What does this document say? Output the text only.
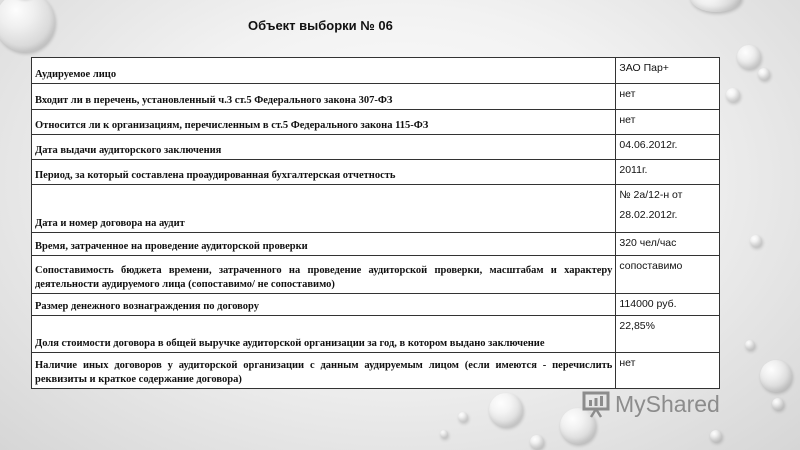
Объект выборки № 06
Аудируемое лицо	ЗАО Пар+
Входит ли в перечень, установленный ч.3 ст.5 Федерального закона 307-ФЗ	нет
Относится ли к организациям, перечисленным в ст.5 Федерального закона 115-ФЗ	нет
Дата выдачи аудиторского заключения	04.06.2012г.
Период, за который составлена проаудированная бухгалтерская отчетность	2011г.
Дата и номер договора на аудит	№ 2а/12-н от
28.02.2012г.

Время, затраченное на проведение аудиторской проверки	320 чел/час
Сопоставимость бюджета времени, затраченного на проведение аудиторской проверки, масштабам и характеру деятельности аудируемого лица (сопоставимо/ не сопоставимо)	сопоставимо
Размер денежного вознаграждения по договору	114000 руб.
Доля стоимости договора в общей выручке аудиторской организации за год, в котором выдано заключение	22,85%
Наличие иных договоров у аудиторской организации с данным аудируемым лицом (если имеются - перечислить реквизиты и краткое содержание договора)	нет
MyShared
